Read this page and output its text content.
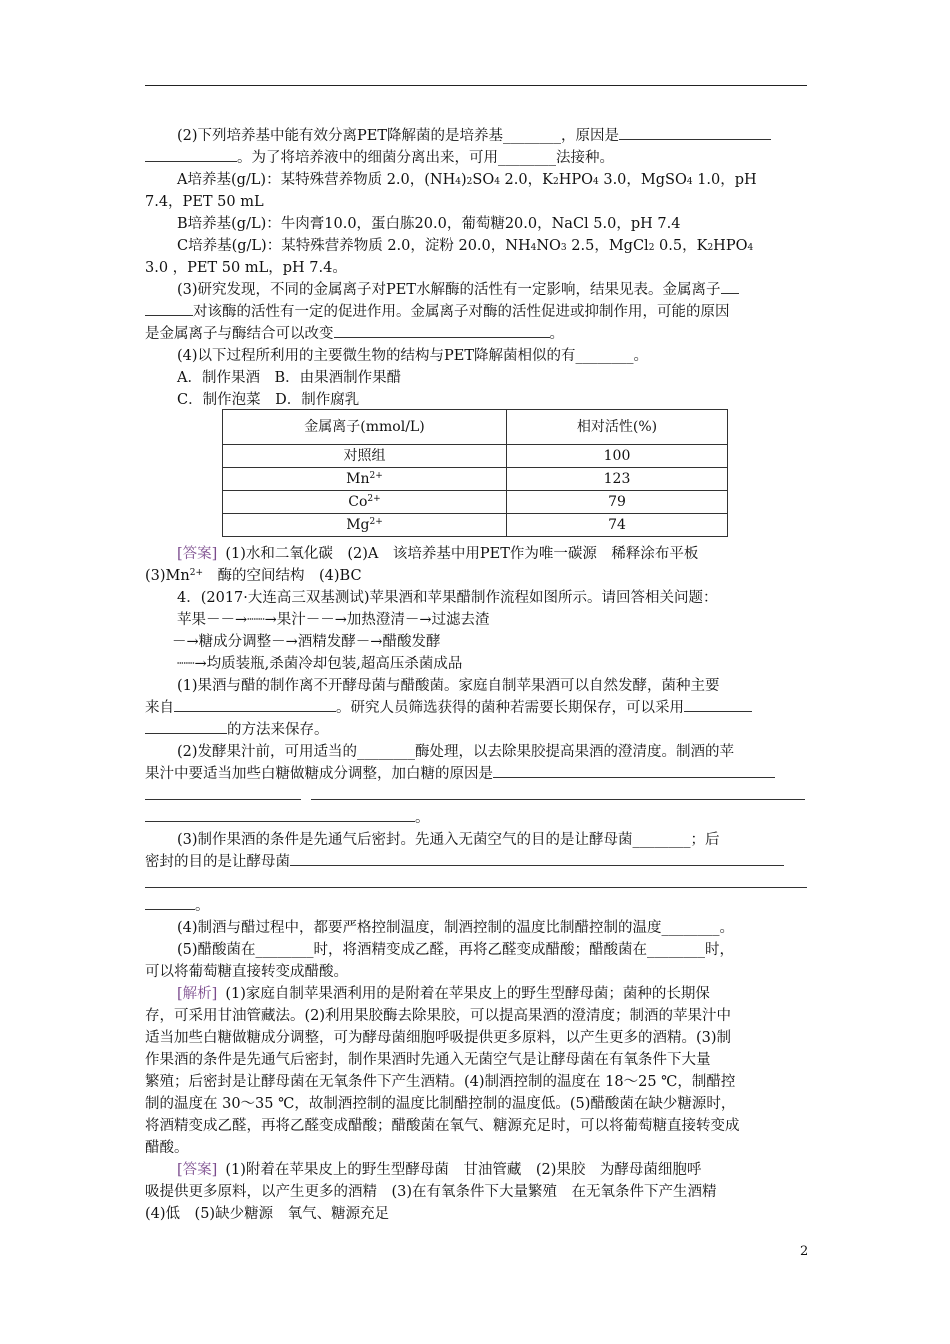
(2)下列培养基中能有效分离PET降解菌的是培养基________，原因是
。为了将培养液中的细菌分离出来，可用________法接种。
A培养基(g/L)：某特殊营养物质 2.0，$(NH_4)_2SO_4$ 2.0，$K_2HPO_4$ 3.0，MgSO$_4$ 1.0，pH
7.4，PET 50 mL
B培养基(g/L)：牛肉膏10.0，蛋白胨20.0，葡萄糖20.0，NaCl 5.0，pH 7.4
C培养基(g/L)：某特殊营养物质 2.0，淀粉 20.0，$NH_4NO_3$ 2.5，MgCl$_2$ 0.5，$K_2HPO_4$
3.0 ，PET 50 mL，pH 7.4。
(3)研究发现，不同的金属离子对PET水解酶的活性有一定影响，结果见表。金属离子
对该酶的活性有一定的促进作用。金属离子对酶的活性促进或抑制作用，可能的原因
是金属离子与酶结合可以改变	。
(4)以下过程所利用的主要微生物的结构与PET降解菌相似的有________。
A．制作果酒　B．由果酒制作果醋
C．制作泡菜　D．制作腐乳
金属离子(mmol/L)	相对活性(%)
对照组	100
$Mn^{2+}$	123
$Co^{2+}$	79
$Mg^{2+}$	74
[答案] (1)水和二氧化碳　(2)A　该培养基中用PET作为唯一碳源　稀释涂布平板
$(3)Mn^{2+}$　酶的空间结构　(4)BC
4．(2017·大连高三双基测试)苹果酒和苹果醋制作流程如图所示。请回答相关问题：
苹果－－→┈┈→果汁－－→加热澄清－→过滤去渣
－→糖成分调整－→酒精发酵－→醋酸发酵
┈┈→均质装瓶,杀菌冷却包装,超高压杀菌成品
(1)果酒与醋的制作离不开酵母菌与醋酸菌。家庭自制苹果酒可以自然发酵，菌种主要
来自	。研究人员筛选获得的菌种若需要长期保存，可以采用
的方法来保存。
(2)发酵果汁前，可用适当的________酶处理，以去除果胶提高果酒的澄清度。制酒的苹
果汁中要适当加些白糖做糖成分调整，加白糖的原因是
。
(3)制作果酒的条件是先通气后密封。先通入无菌空气的目的是让酵母菌________；后
密封的目的是让酵母菌
。
(4)制酒与醋过程中，都要严格控制温度，制酒控制的温度比制醋控制的温度________。
(5)醋酸菌在________时，将酒精变成乙醛，再将乙醛变成醋酸；醋酸菌在________时，
可以将葡萄糖直接转变成醋酸。
[解析] (1)家庭自制苹果酒利用的是附着在苹果皮上的野生型酵母菌；菌种的长期保
存，可采用甘油管藏法。(2)利用果胶酶去除果胶，可以提高果酒的澄清度；制酒的苹果汁中
适当加些白糖做糖成分调整，可为酵母菌细胞呼吸提供更多原料，以产生更多的酒精。(3)制
作果酒的条件是先通气后密封，制作果酒时先通入无菌空气是让酵母菌在有氧条件下大量
繁殖；后密封是让酵母菌在无氧条件下产生酒精。(4)制酒控制的温度在 18～25 ℃，制醋控
制的温度在 30～35 ℃，故制酒控制的温度比制醋控制的温度低。(5)醋酸菌在缺少糖源时，
将酒精变成乙醛，再将乙醛变成醋酸；醋酸菌在氧气、糖源充足时，可以将葡萄糖直接转变成
醋酸。
[答案] (1)附着在苹果皮上的野生型酵母菌　甘油管藏　(2)果胶　为酵母菌细胞呼
吸提供更多原料，以产生更多的酒精　(3)在有氧条件下大量繁殖　在无氧条件下产生酒精
(4)低　(5)缺少糖源　氧气、糖源充足
2
